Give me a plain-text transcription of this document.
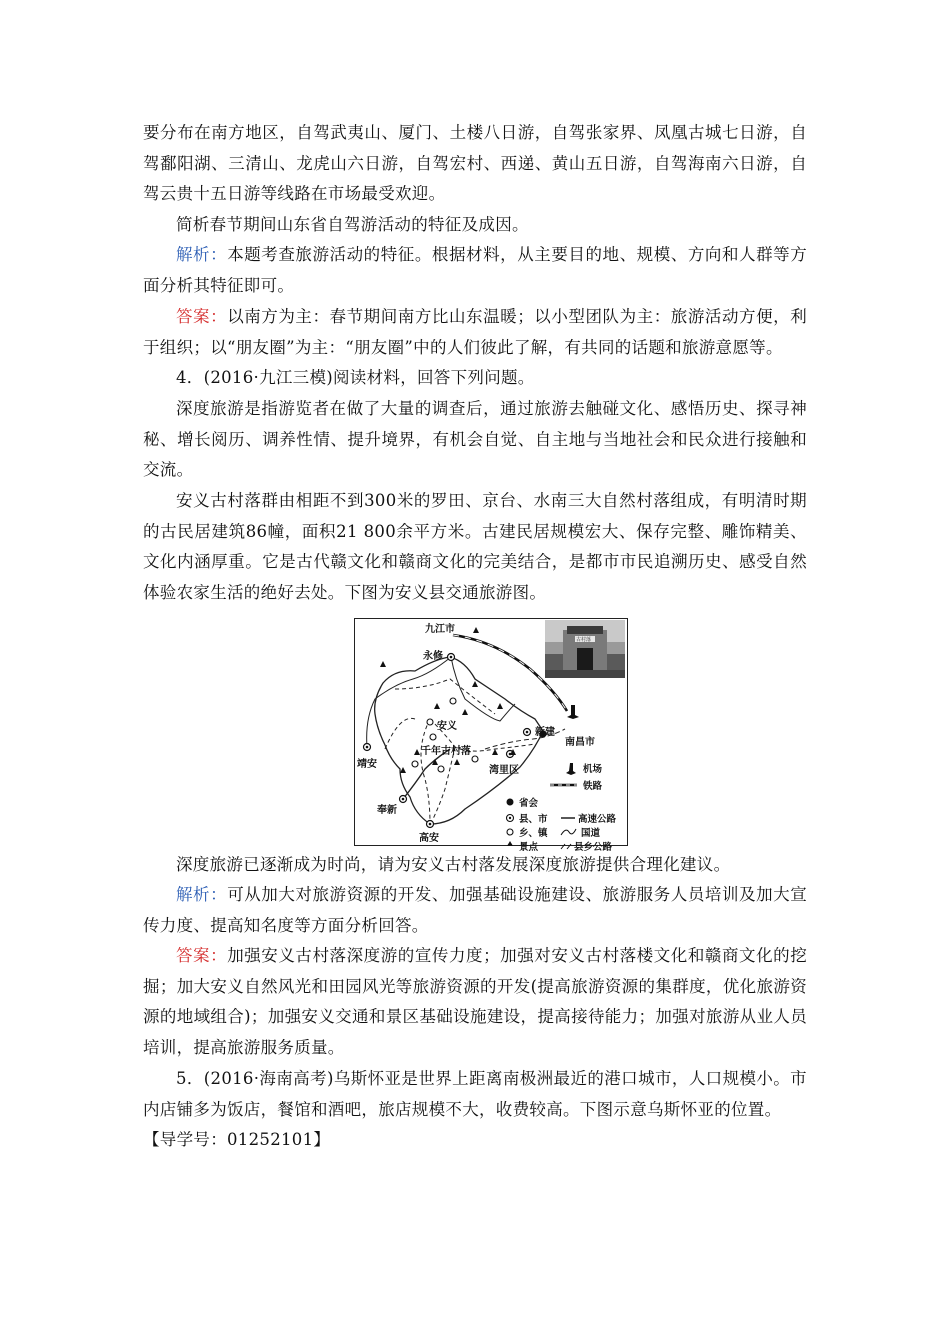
要分布在南方地区，自驾武夷山、厦门、土楼八日游，自驾张家界、凤凰古城七日游，自驾鄱阳湖、三清山、龙虎山六日游，自驾宏村、西递、黄山五日游，自驾海南六日游，自驾云贵十五日游等线路在市场最受欢迎。

简析春节期间山东省自驾游活动的特征及成因。

解析：本题考查旅游活动的特征。根据材料，从主要目的地、规模、方向和人群等方面分析其特征即可。

答案：以南方为主：春节期间南方比山东温暖；以小型团队为主：旅游活动方便，利于组织；以“朋友圈”为主：“朋友圈”中的人们彼此了解，有共同的话题和旅游意愿等。

4．(2016·九江三模)阅读材料，回答下列问题。

深度旅游是指游览者在做了大量的调查后，通过旅游去触碰文化、感悟历史、探寻神秘、增长阅历、调养性情、提升境界，有机会自觉、自主地与当地社会和民众进行接触和交流。

安义古村落群由相距不到300米的罗田、京台、水南三大自然村落组成，有明清时期的古民居建筑86幢，面积21 800余平方米。古建民居规模宏大、保存完整、雕饰精美、文化内涵厚重。它是古代赣文化和赣商文化的完美结合，是都市市民追溯历史、感受自然体验农家生活的绝好去处。下图为安义县交通旅游图。

九江市
永修
安义
新建
南昌市
靖安
千年古村落
湾里区
奉新
高安
机场
铁路
省会
县、市	高速公路
乡、镇	国道
景点	县乡公路
古村落

深度旅游已逐渐成为时尚，请为安义古村落发展深度旅游提供合理化建议。

解析：可从加大对旅游资源的开发、加强基础设施建设、旅游服务人员培训及加大宣传力度、提高知名度等方面分析回答。

答案：加强安义古村落深度游的宣传力度；加强对安义古村落楼文化和赣商文化的挖掘；加大安义自然风光和田园风光等旅游资源的开发(提高旅游资源的集群度，优化旅游资源的地域组合)；加强安义交通和景区基础设施建设，提高接待能力；加强对旅游从业人员培训，提高旅游服务质量。

5．(2016·海南高考)乌斯怀亚是世界上距离南极洲最近的港口城市，人口规模小。市内店铺多为饭店，餐馆和酒吧，旅店规模不大，收费较高。下图示意乌斯怀亚的位置。

【导学号：01252101】
